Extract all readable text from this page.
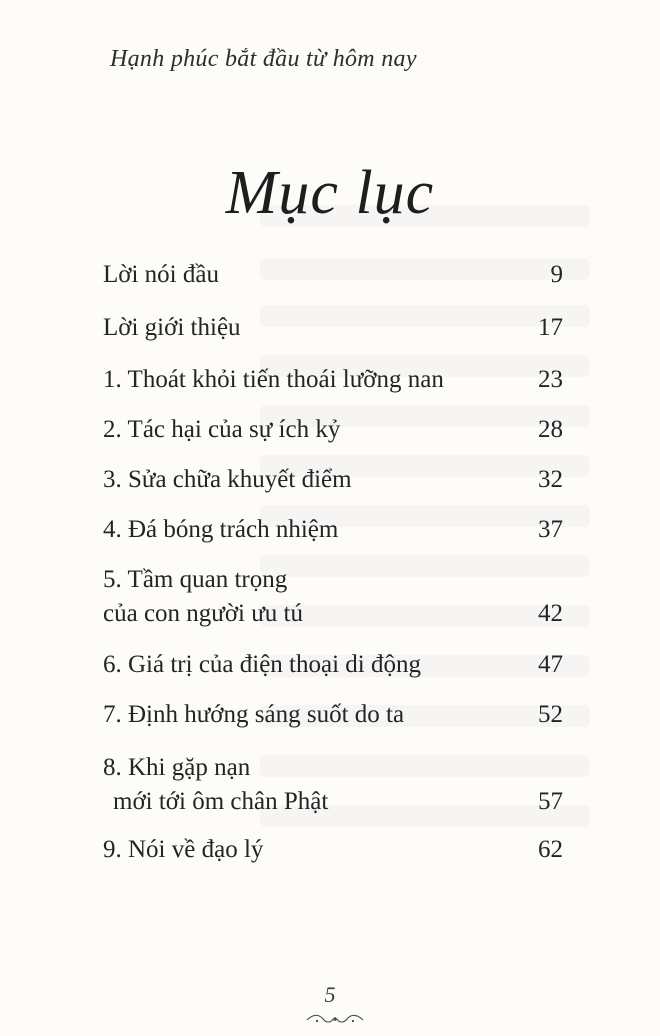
Hạnh phúc bắt đầu từ hôm nay
Mục lục
Lời nói đầu	9
Lời giới thiệu	17
1. Thoát khỏi tiến thoái lưỡng nan	23
2. Tác hại của sự ích kỷ	28
3. Sửa chữa khuyết điểm	32
4. Đá bóng trách nhiệm	37
5. Tầm quan trọng
của con người ưu tú	42
6. Giá trị của điện thoại di động	47
7. Định hướng sáng suốt do ta	52
8. Khi gặp nạn
mới tới ôm chân Phật	57
9. Nói về đạo lý	62
5
